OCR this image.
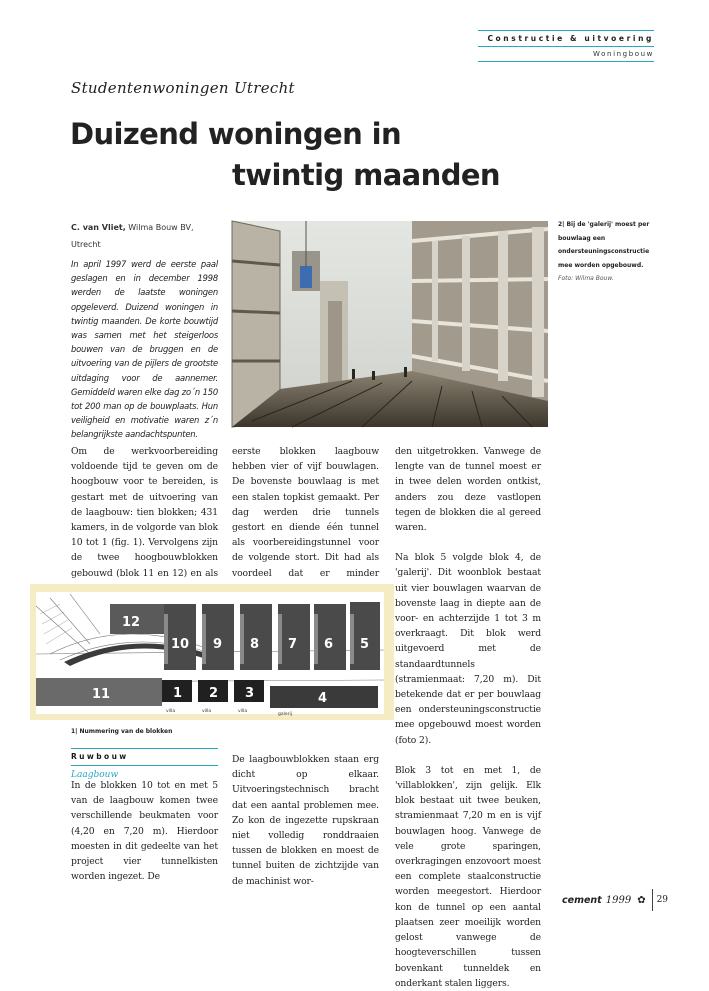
Constructie & uitvoering
Woningbouw
Studentenwoningen Utrecht
Duizend woningen in
twintig maanden
C. van Vliet, Wilma Bouw BV,
Utrecht
In april 1997 werd de eerste paal geslagen en in december 1998 werden de laatste woningen opgeleverd. Duizend woningen in twintig maanden. De korte bouwtijd was samen met het steigerloos bouwen van de bruggen en de uitvoering van de pijlers de grootste uitdaging voor de aannemer. Gemiddeld waren elke dag zo´n 150 tot 200 man op de bouwplaats. Hun veiligheid en motivatie waren z´n belangrijkste aandachtspunten.
2| Bij de 'galerij' moest per bouwlaag een ondersteuningsconstructie mee worden opgebouwd.
Foto: Wilma Bouw.

Om de werkvoorbereiding voldoende tijd te geven om de hoogbouw voor te bereiden, is gestart met de uitvoering van de laagbouw: tien blokken; 431 kamers, in de volgorde van blok 10 tot 1 (fig. 1). Vervolgens zijn de twee hoogbouwblokken gebouwd (blok 11 en 12) en als

eerste blokken laagbouw hebben vier of vijf bouwlagen. De bovenste bouwlaag is met een stalen topkist gemaakt. Per dag werden drie tunnels gestort en diende één tunnel als voorbereidingstunnel voor de volgende stort. Dit had als voordeel dat er minder

den uitgetrokken. Vanwege de lengte van de tunnel moest er in twee delen worden ontkist, anders zou deze vastlopen tegen de blokken die al gereed waren.

Na blok 5 volgde blok 4, de 'galerij'. Dit woonblok bestaat uit vier bouwlagen waarvan de bovenste laag in diepte aan de voor- en achterzijde 1 tot 3 m overkraagt. Dit blok werd uitgevoerd met de standaardtunnels (stramienmaat: 7,20 m). Dit betekende dat er per bouwlaag een ondersteuningsconstructie mee opgebouwd moest worden (foto 2).

Blok 3 tot en met 1, de 'villablokken', zijn gelijk. Elk blok bestaat uit twee beuken, stramienmaat 7,20 m en is vijf bouwlagen hoog. Vanwege de vele grote sparingen, overkragingen enzovoort moest een complete staalconstructie worden meegestort. Hierdoor kon de tunnel op een aantal plaatsen zeer moeilijk worden gelost vanwege de hoogteverschillen tussen bovenkant tunneldek en onderkant stalen liggers.

12
10 9 8 7 6 5
11	1 2 3	4
villa	villa	villa
galerij
1| Nummering van de blokken
Ruwbouw
Laagbouw

In de blokken 10 tot en met 5 van de laagbouw komen twee verschillende beukmaten voor (4,20 en 7,20 m). Hierdoor moesten in dit gedeelte van het project vier tunnelkisten worden ingezet. De

De laagbouwblokken staan erg dicht op elkaar. Uitvoeringstechnisch bracht dat een aantal problemen mee. Zo kon de ingezette rupskraan niet volledig ronddraaien tussen de blokken en moest de tunnel buiten de zichtzijde van de machinist wor-

cement 1999 ✿ 29
